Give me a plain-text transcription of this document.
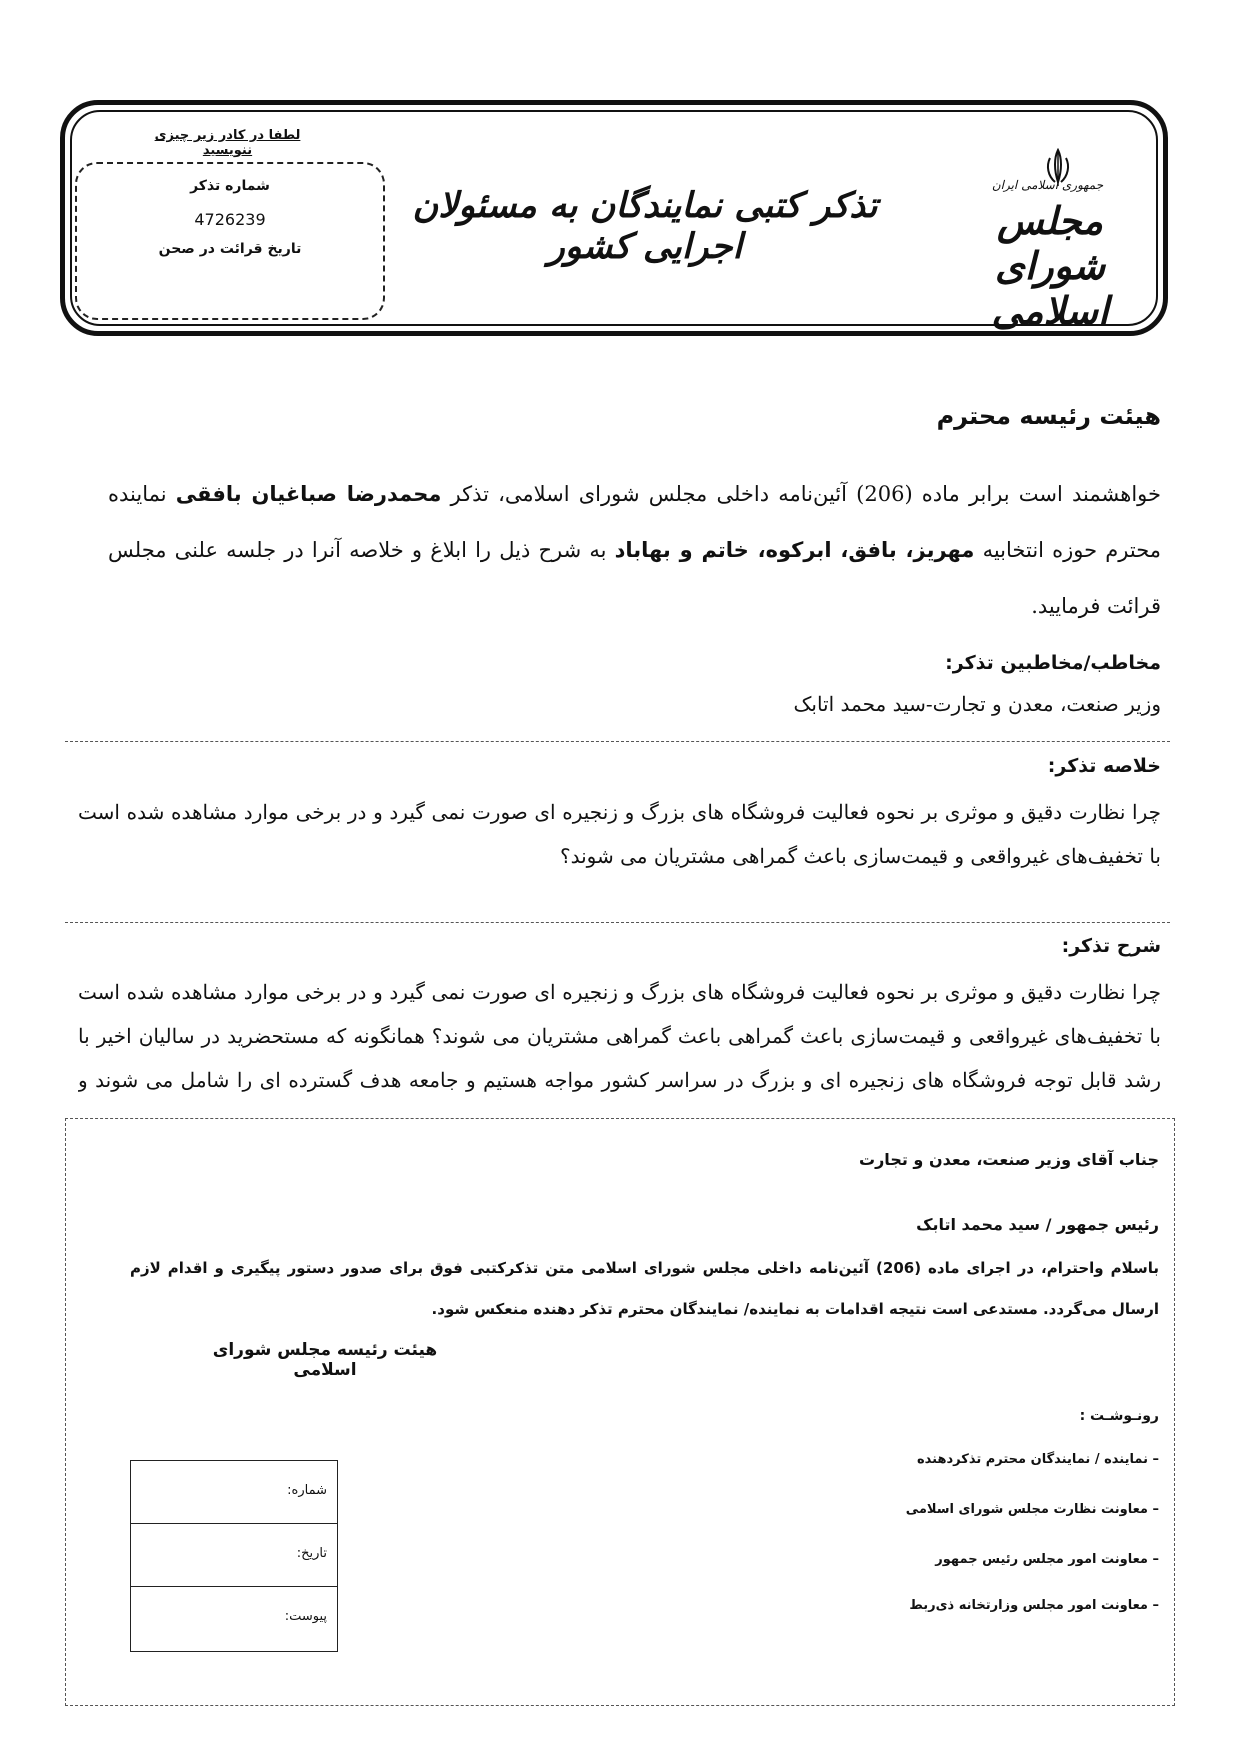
لطفا در کادر زیر چیزی ننویسید
شماره تذکر
4726239
تاریخ قرائت در صحن
تذکر کتبی نمایندگان به مسئولان اجرایی کشور
جمهوری اسلامی ایران
مجلس شورای اسلامی
هیئت رئیسه محترم
خواهشمند است برابر ماده (206) آئین‌نامه داخلی مجلس شورای اسلامی، تذکر محمدرضا صباغیان بافقی نماینده
محترم حوزه انتخابیه مهریز، بافق، ابرکوه، خاتم و بهاباد به شرح ذیل را ابلاغ و خلاصه آنرا در جلسه علنی مجلس
قرائت فرمایید.
مخاطب/مخاطبین تذکر:
وزیر صنعت، معدن و تجارت-سید محمد اتابک
خلاصه تذکر:
چرا نظارت دقیق و موثری بر نحوه فعالیت فروشگاه های بزرگ و زنجیره ای صورت نمی گیرد و در برخی موارد مشاهده شده است
با تخفیف‌های غیرواقعی و قیمت‌سازی باعث گمراهی مشتریان می شوند؟
شرح تذکر:
چرا نظارت دقیق و موثری بر نحوه فعالیت فروشگاه های بزرگ و زنجیره ای صورت نمی گیرد و در برخی موارد مشاهده شده است
با تخفیف‌های غیرواقعی و قیمت‌سازی باعث گمراهی باعث گمراهی مشتریان می شوند؟ همانگونه که مستحضرید در سالیان اخیر با
رشد قابل توجه فروشگاه های زنجیره ای و بزرگ در سراسر کشور مواجه هستیم و جامعه هدف گسترده ای را شامل می شوند و
جناب آقای وزیر صنعت، معدن و تجارت
رئیس جمهور / سید محمد اتابک
باسلام واحترام، در اجرای ماده (206) آئین‌نامه داخلی مجلس شورای اسلامی متن تذکرکتبی فوق برای صدور دستور پیگیری و اقدام لازم
ارسال می‌گردد. مستدعی است نتیجه اقدامات به نماینده/ نمایندگان محترم تذکر دهنده منعکس شود.
هیئت رئیسه مجلس شورای اسلامی
رونـوشـت :
– نماینده / نمایندگان محترم تذکردهنده
– معاونت نظارت مجلس شورای اسلامی
– معاونت امور مجلس رئیس جمهور
– معاونت امور مجلس وزارتخانه ذی‌ربط
شماره:
تاریخ:
پیوست:
